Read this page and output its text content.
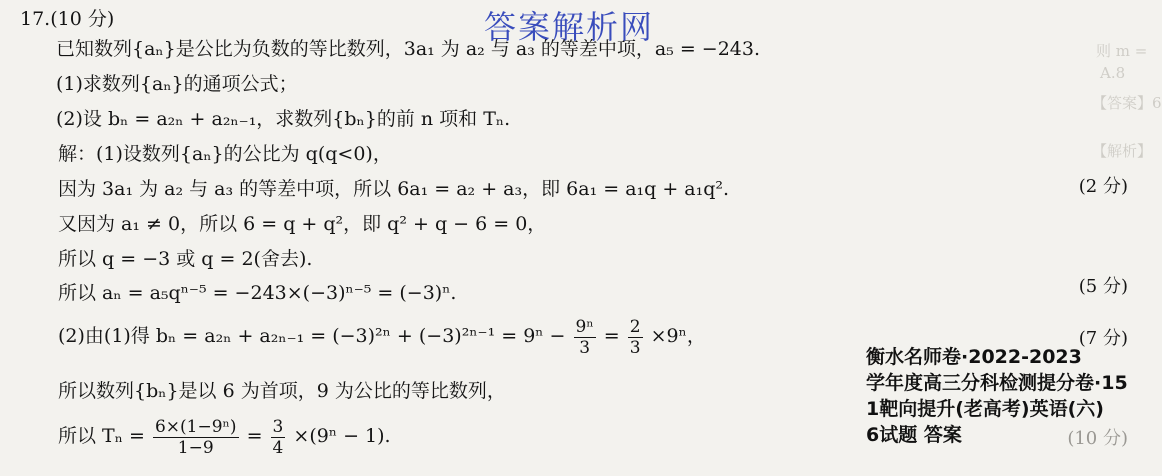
则 m =
A.8
【答案】6
【解析】
答案解析网
17.(10 分)
已知数列{aₙ}是公比为负数的等比数列，3a₁ 为 a₂ 与 a₃ 的等差中项，a₅ = −243.
(1)求数列{aₙ}的通项公式；
(2)设 bₙ = a₂ₙ + a₂ₙ₋₁，求数列{bₙ}的前 n 项和 Tₙ.
解：(1)设数列{aₙ}的公比为 q(q<0)，
因为 3a₁ 为 a₂ 与 a₃ 的等差中项，所以 6a₁ = a₂ + a₃，即 6a₁ = a₁q + a₁q².	(2 分)
又因为 a₁ ≠ 0，所以 6 = q + q²，即 q² + q − 6 = 0，
所以 q = −3 或 q = 2(舍去).
所以 aₙ = a₅qⁿ⁻⁵ = −243×(−3)ⁿ⁻⁵ = (−3)ⁿ.	(5 分)
(2)由(1)得 $b_n = a_{2n} + a_{2n-1} = (-3)^{2n} + (-3)^{2n-1} = 9^n - \frac{\text{9ⁿ}}{3} = \frac{2}{3} \times 9^n$，	(7 分)
所以数列{bₙ}是以 6 为首项，9 为公比的等比数列，
所以 $T_n = \frac{\text{6×(1−9ⁿ)}}{1-9} = \frac{3}{4} \times(9^n - 1)$.	(10 分)
衡水名师卷·2022-2023
学年度高三分科检测提分卷·15
1靶向提升(老高考)英语(六)
6试题 答案
